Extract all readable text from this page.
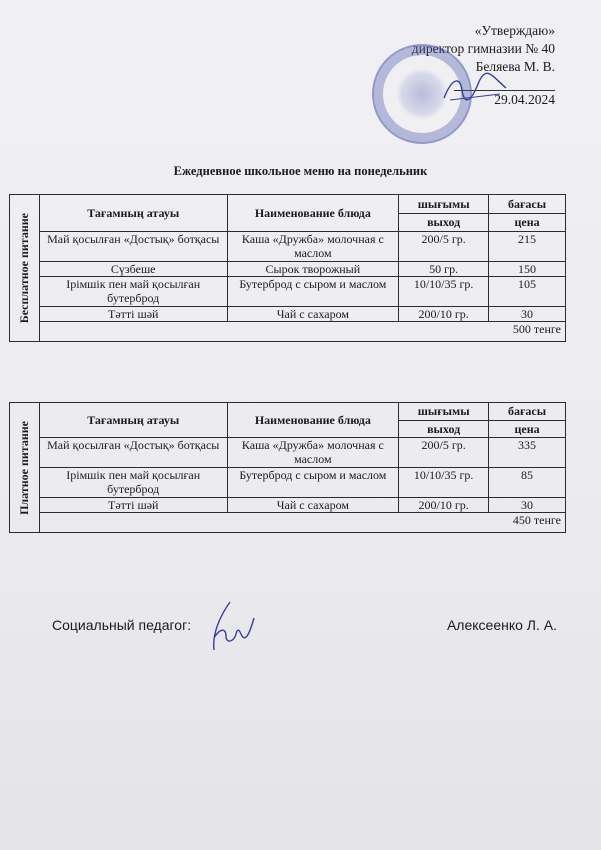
«Утверждаю»
директор гимназии № 40
Беляева М. В.
29.04.2024
Ежедневное школьное меню на понедельник
Бесплатное питание	Тағамның атауы	Наименование блюда	шығымы	бағасы
			выход	цена
	Май қосылған «Достық» ботқасы	Каша «Дружба» молочная с маслом	200/5 гр.	215
	Сүзбеше	Сырок творожный	50 гр.	150
	Ірімшік пен май қосылған бутерброд	Бутерброд с сыром и маслом	10/10/35 гр.	105
	Тәтті шәй	Чай с сахаром	200/10 гр.	30
	500 тенге			
Платное питание	Тағамның атауы	Наименование блюда	шығымы	бағасы
			выход	цена
	Май қосылған «Достық» ботқасы	Каша «Дружба» молочная с маслом	200/5 гр.	335
	Ірімшік пен май қосылған бутерброд	Бутерброд с сыром и маслом	10/10/35 гр.	85
	Тәтті шәй	Чай с сахаром	200/10 гр.	30
	450 тенге			
Социальный педагог:	Алексеенко Л. А.
